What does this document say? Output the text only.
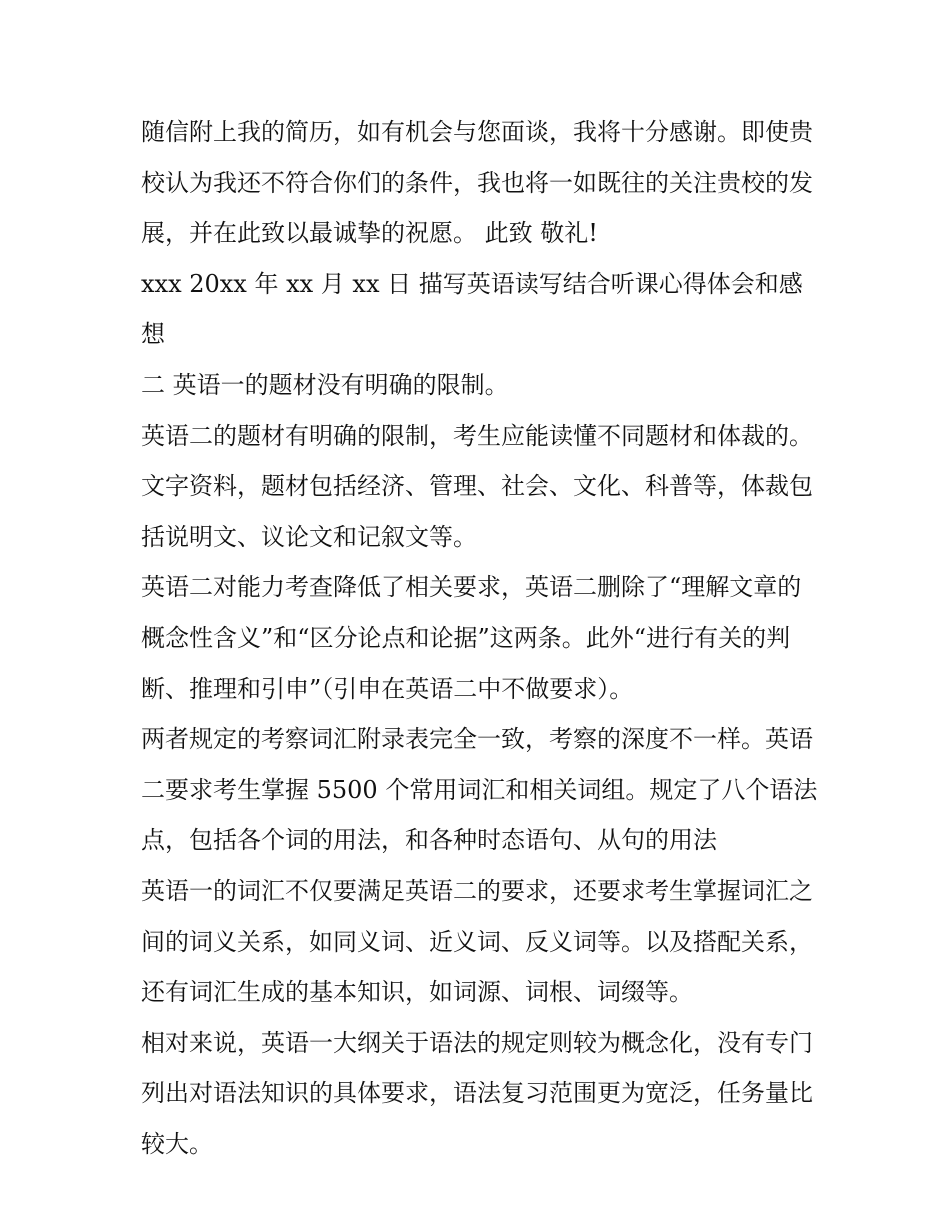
随信附上我的简历，如有机会与您面谈，我将十分感谢。即使贵校认为我还不符合你们的条件，我也将一如既往的关注贵校的发展，并在此致以最诚挚的祝愿。 此致 敬礼!

xxx 20xx 年 xx 月 xx 日 描写英语读写结合听课心得体会和感想

二 英语一的题材没有明确的限制。

英语二的题材有明确的限制，考生应能读懂不同题材和体裁的。文字资料，题材包括经济、管理、社会、文化、科普等，体裁包括说明文、议论文和记叙文等。

英语二对能力考查降低了相关要求，英语二删除了“理解文章的概念性含义”和“区分论点和论据”这两条。此外“进行有关的判断、推理和引申”（引申在英语二中不做要求）。

两者规定的考察词汇附录表完全一致，考察的深度不一样。英语二要求考生掌握 5500 个常用词汇和相关词组。规定了八个语法点，包括各个词的用法，和各种时态语句、从句的用法

英语一的词汇不仅要满足英语二的要求，还要求考生掌握词汇之间的词义关系，如同义词、近义词、反义词等。以及搭配关系，还有词汇生成的基本知识，如词源、词根、词缀等。

相对来说，英语一大纲关于语法的规定则较为概念化，没有专门列出对语法知识的具体要求，语法复习范围更为宽泛，任务量比较大。
